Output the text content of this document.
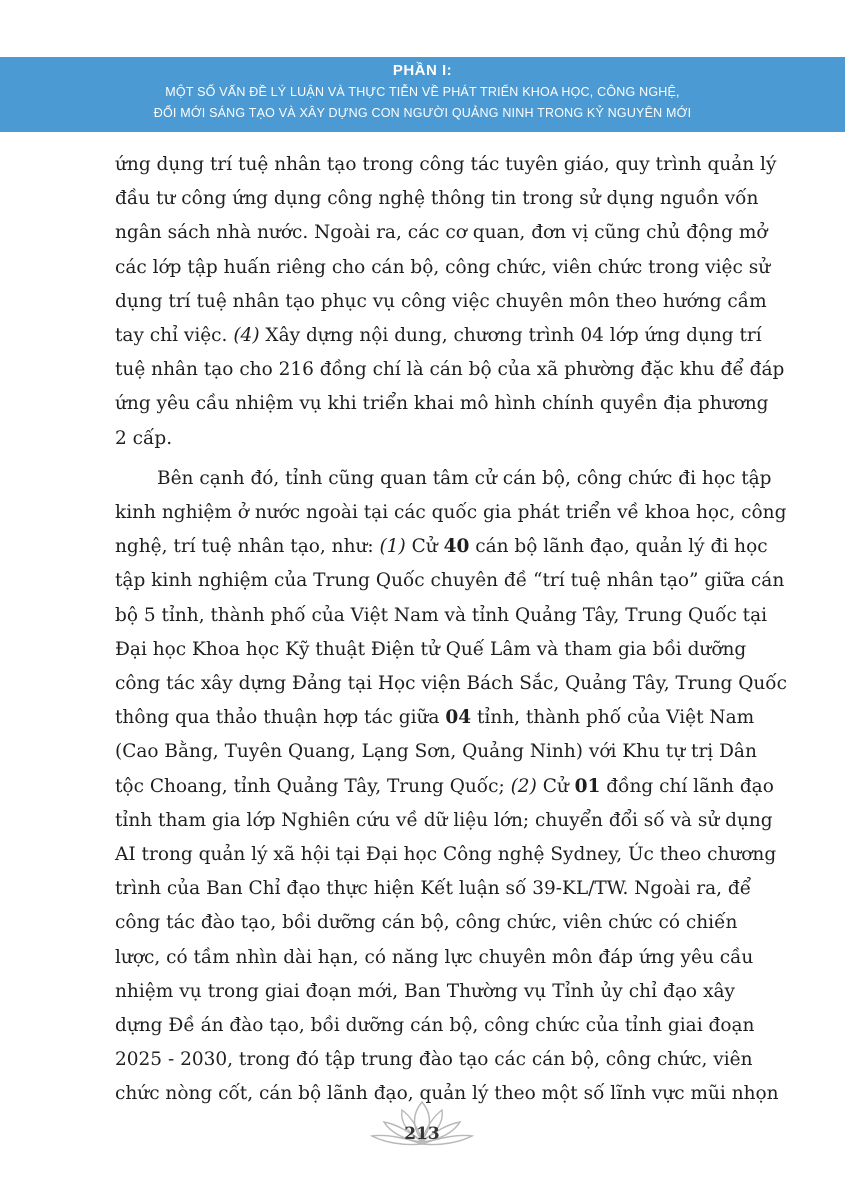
PHẦN I:
MỘT SỐ VẤN ĐỀ LÝ LUẬN VÀ THỰC TIỄN VỀ PHÁT TRIỂN KHOA HỌC, CÔNG NGHỆ,
ĐỔI MỚI SÁNG TẠO VÀ XÂY DỰNG CON NGƯỜI QUẢNG NINH TRONG KỶ NGUYÊN MỚI

ứng dụng trí tuệ nhân tạo trong công tác tuyên giáo, quy trình quản lý
đầu tư công ứng dụng công nghệ thông tin trong sử dụng nguồn vốn
ngân sách nhà nước. Ngoài ra, các cơ quan, đơn vị cũng chủ động mở
các lớp tập huấn riêng cho cán bộ, công chức, viên chức trong việc sử
dụng trí tuệ nhân tạo phục vụ công việc chuyên môn theo hướng cầm
tay chỉ việc. (4) Xây dựng nội dung, chương trình 04 lớp ứng dụng trí
tuệ nhân tạo cho 216 đồng chí là cán bộ của xã phường đặc khu để đáp
ứng yêu cầu nhiệm vụ khi triển khai mô hình chính quyền địa phương
2 cấp.

Bên cạnh đó, tỉnh cũng quan tâm cử cán bộ, công chức đi học tập
kinh nghiệm ở nước ngoài tại các quốc gia phát triển về khoa học, công
nghệ, trí tuệ nhân tạo, như: (1) Cử 40 cán bộ lãnh đạo, quản lý đi học
tập kinh nghiệm của Trung Quốc chuyên đề “trí tuệ nhân tạo” giữa cán
bộ 5 tỉnh, thành phố của Việt Nam và tỉnh Quảng Tây, Trung Quốc tại
Đại học Khoa học Kỹ thuật Điện tử Quế Lâm và tham gia bồi dưỡng
công tác xây dựng Đảng tại Học viện Bách Sắc, Quảng Tây, Trung Quốc
thông qua thảo thuận hợp tác giữa 04 tỉnh, thành phố của Việt Nam
(Cao Bằng, Tuyên Quang, Lạng Sơn, Quảng Ninh) với Khu tự trị Dân
tộc Choang, tỉnh Quảng Tây, Trung Quốc; (2) Cử 01 đồng chí lãnh đạo
tỉnh tham gia lớp Nghiên cứu về dữ liệu lớn; chuyển đổi số và sử dụng
AI trong quản lý xã hội tại Đại học Công nghệ Sydney, Úc theo chương
trình của Ban Chỉ đạo thực hiện Kết luận số 39-KL/TW. Ngoài ra, để
công tác đào tạo, bồi dưỡng cán bộ, công chức, viên chức có chiến
lược, có tầm nhìn dài hạn, có năng lực chuyên môn đáp ứng yêu cầu
nhiệm vụ trong giai đoạn mới, Ban Thường vụ Tỉnh ủy chỉ đạo xây
dựng Đề án đào tạo, bồi dưỡng cán bộ, công chức của tỉnh giai đoạn
2025 - 2030, trong đó tập trung đào tạo các cán bộ, công chức, viên
chức nòng cốt, cán bộ lãnh đạo, quản lý theo một số lĩnh vực mũi nhọn

213
